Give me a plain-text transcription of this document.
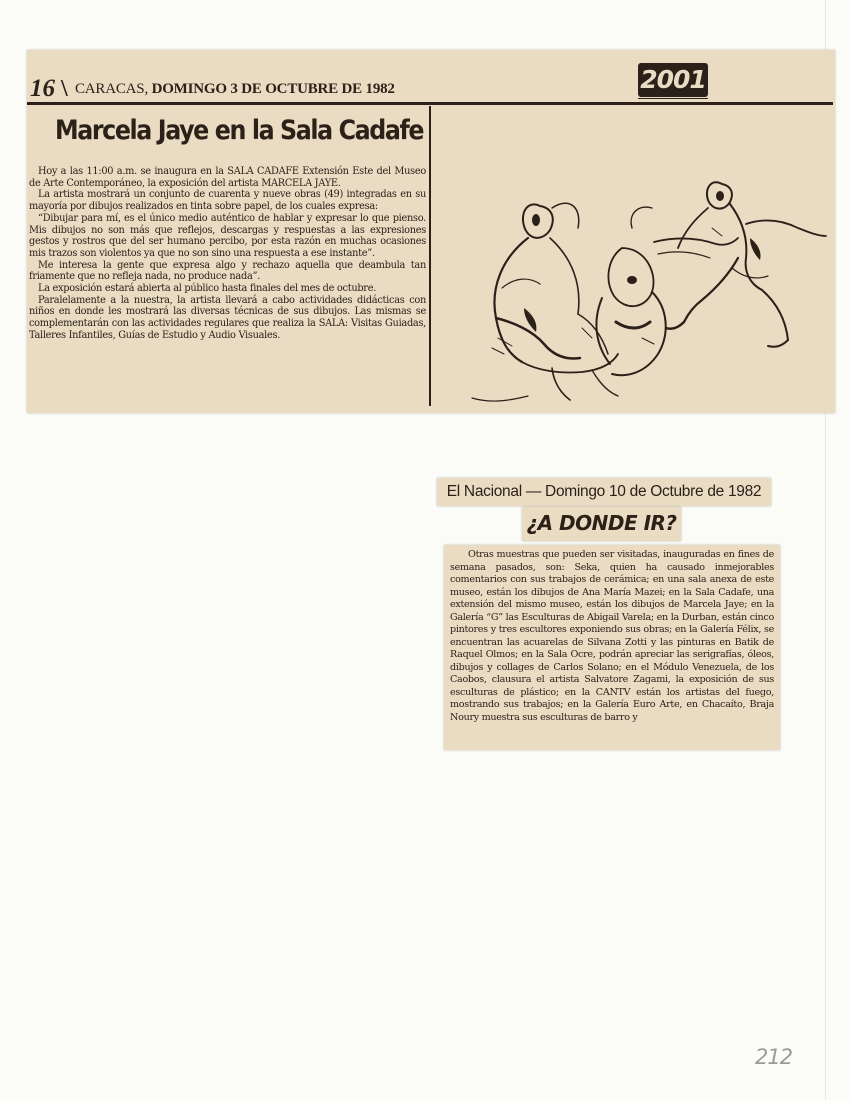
16 \ CARACAS, DOMINGO 3 DE OCTUBRE DE 1982	2001
Marcela Jaye en la Sala Cadafe

Hoy a las 11:00 a.m. se inaugura en la SALA CADAFE Extensión Este del Museo de Arte Contemporáneo, la exposición del artista MARCELA JAYE.

La artista mostrará un conjunto de cuarenta y nueve obras (49) integradas en su mayoría por dibujos realizados en tinta sobre papel, de los cuales expresa:

“Dibujar para mí, es el único medio auténtico de hablar y expresar lo que pienso. Mis dibujos no son más que reflejos, descargas y respuestas a las expresiones gestos y rostros que del ser humano percibo, por esta razón en muchas ocasiones mis trazos son violentos ya que no son sino una respuesta a ese instante”.

Me interesa la gente que expresa algo y rechazo aquella que deambula tan friamente que no refleja nada, no produce nada”.

La exposición estará abierta al público hasta finales del mes de octubre.

Paralelamente a la nuestra, la artista llevará a cabo actividades didácticas con niños en donde les mostrará las diversas técnicas de sus dibujos. Las mismas se complementarán con las actividades regulares que realiza la SALA: Visitas Guiadas, Talleres Infantiles, Guías de Estudio y Audio Visuales.

El Nacional — Domingo 10 de Octubre de 1982
¿A DONDE IR?

Otras muestras que pueden ser visitadas, inauguradas en fines de semana pasados, son: Seka, quien ha causado inmejorables comentarios con sus trabajos de cerámica; en una sala anexa de este museo, están los dibujos de Ana María Mazei; en la Sala Cadafe, una extensión del mismo museo, están los dibujos de Marcela Jaye; en la Galería “G” las Esculturas de Abigail Varela; en la Durban, están cinco pintores y tres escultores exponiendo sus obras; en la Galería Félix, se encuentran las acuarelas de Silvana Zotti y las pinturas en Batik de Raquel Olmos; en la Sala Ocre, podrán apreciar las serigrafías, óleos, dibujos y collages de Carlos Solano; en el Módulo Venezuela, de los Caobos, clausura el artista Salvatore Zagami, la exposición de sus esculturas de plástico; en la CANTV están los artistas del fuego, mostrando sus trabajos; en la Galería Euro Arte, en Chacaíto, Braja Noury muestra sus esculturas de barro y

212
